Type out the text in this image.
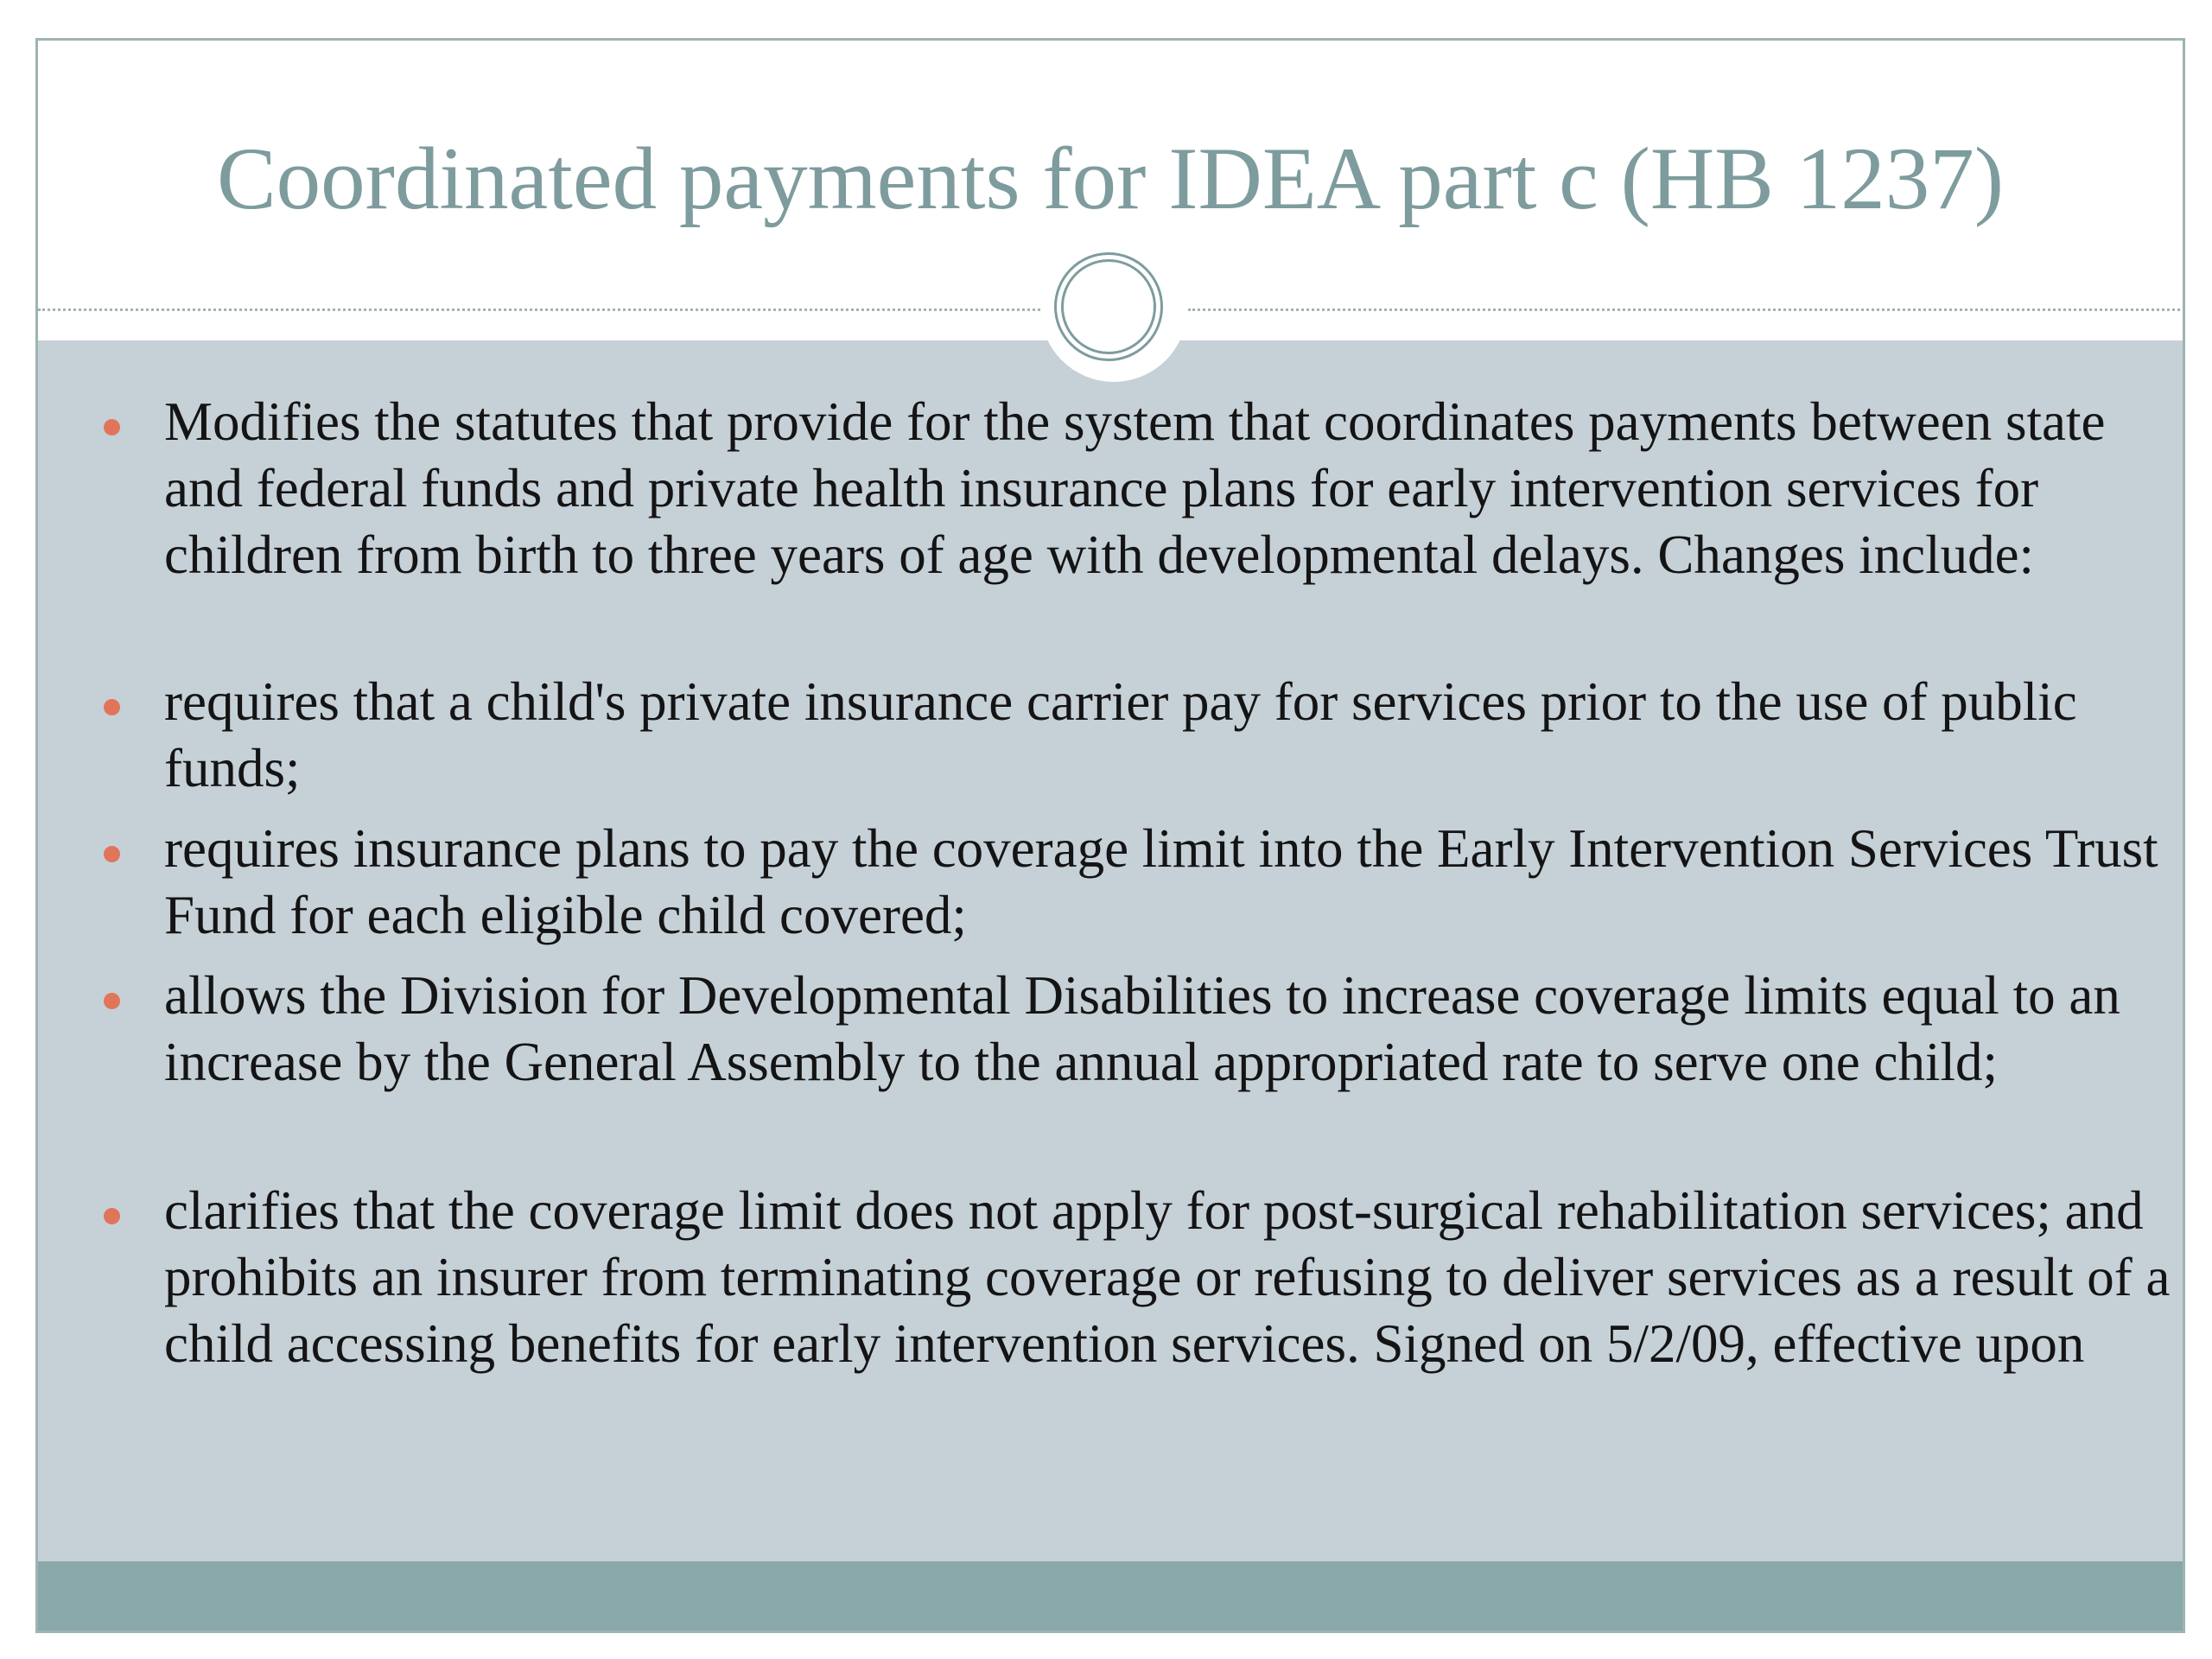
Coordinated payments for IDEA part c (HB 1237)

Modifies the statutes that provide for the system that coordinates payments between state and federal funds and private health insurance plans for early intervention services for children from birth to three years of age with developmental delays. Changes include:

requires that a child's private insurance carrier pay for services prior to the use of public funds;

requires insurance plans to pay the coverage limit into the Early Intervention Services Trust Fund for each eligible child covered;

allows the Division for Developmental Disabilities to increase coverage limits equal to an increase by the General Assembly to the annual appropriated rate to serve one child;

clarifies that the coverage limit does not apply for post-surgical rehabilitation services; and prohibits an insurer from terminating coverage or refusing to deliver services as a result of a child accessing benefits for early intervention services. Signed on 5/2/09, effective upon
